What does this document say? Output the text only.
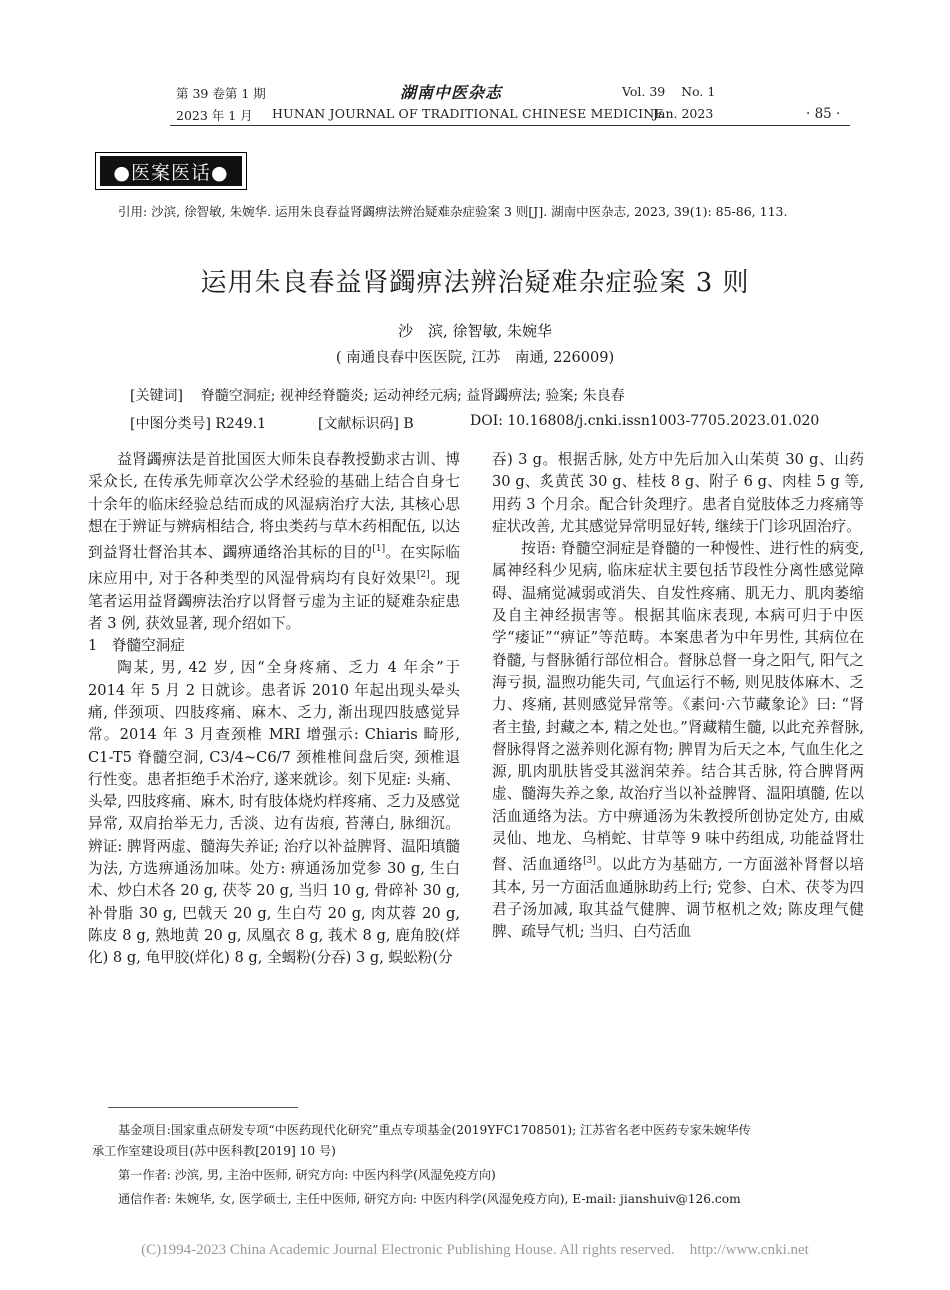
第 39 卷第 1 期
2023 年 1 月
湖南中医杂志
HUNAN JOURNAL OF TRADITIONAL CHINESE MEDICINE
Vol. 39    No. 1
Jan. 2023	· 85 ·
●医案医话●
引用: 沙滨, 徐智敏, 朱婉华. 运用朱良春益肾蠲痹法辨治疑难杂症验案 3 则[J]. 湖南中医杂志, 2023, 39(1): 85-86, 113.
运用朱良春益肾蠲痹法辨治疑难杂症验案 3 则
沙　滨, 徐智敏, 朱婉华
( 南通良春中医医院, 江苏　南通, 226009)
[关键词] 脊髓空洞症; 视神经脊髓炎; 运动神经元病; 益肾蠲痹法; 验案; 朱良春
[中图分类号] R249.1	[文献标识码] B	DOI: 10.16808/j.cnki.issn1003-7705.2023.01.020

益肾蠲痹法是首批国医大师朱良春教授勤求古训、博采众长, 在传承先师章次公学术经验的基础上结合自身七十余年的临床经验总结而成的风湿病治疗大法, 其核心思想在于辨证与辨病相结合, 将虫类药与草木药相配伍, 以达到益肾壮督治其本、蠲痹通络治其标的目的[1]。在实际临床应用中, 对于各种类型的风湿骨病均有良好效果[2]。现笔者运用益肾蠲痹法治疗以肾督亏虚为主证的疑难杂症患者 3 例, 获效显著, 现介绍如下。

1　脊髓空洞症

陶某, 男, 42 岁, 因“全身疼痛、乏力 4 年余”于 2014 年 5 月 2 日就诊。患者诉 2010 年起出现头晕头痛, 伴颈项、四肢疼痛、麻木、乏力, 渐出现四肢感觉异常。2014 年 3 月查颈椎 MRI 增强示: Chiaris 畸形, C1-T5 脊髓空洞, C3/4~C6/7 颈椎椎间盘后突, 颈椎退行性变。患者拒绝手术治疗, 遂来就诊。刻下见症: 头痛、头晕, 四肢疼痛、麻木, 时有肢体烧灼样疼痛、乏力及感觉异常, 双肩抬举无力, 舌淡、边有齿痕, 苔薄白, 脉细沉。辨证: 脾肾两虚、髓海失养证; 治疗以补益脾肾、温阳填髓为法, 方选痹通汤加味。处方: 痹通汤加党参 30 g, 生白术、炒白术各 20 g, 茯苓 20 g, 当归 10 g, 骨碎补 30 g, 补骨脂 30 g, 巴戟天 20 g, 生白芍 20 g, 肉苁蓉 20 g, 陈皮 8 g, 熟地黄 20 g, 凤凰衣 8 g, 莪术 8 g, 鹿角胶(烊化) 8 g, 龟甲胶(烊化) 8 g, 全蝎粉(分吞) 3 g, 蜈蚣粉(分

吞) 3 g。根据舌脉, 处方中先后加入山茱萸 30 g、山药 30 g、炙黄芪 30 g、桂枝 8 g、附子 6 g、肉桂 5 g 等, 用药 3 个月余。配合针灸理疗。患者自觉肢体乏力疼痛等症状改善, 尤其感觉异常明显好转, 继续于门诊巩固治疗。

按语: 脊髓空洞症是脊髓的一种慢性、进行性的病变, 属神经科少见病, 临床症状主要包括节段性分离性感觉障碍、温痛觉减弱或消失、自发性疼痛、肌无力、肌肉萎缩及自主神经损害等。根据其临床表现, 本病可归于中医学“痿证”“痹证”等范畴。本案患者为中年男性, 其病位在脊髓, 与督脉循行部位相合。督脉总督一身之阳气, 阳气之海亏损, 温煦功能失司, 气血运行不畅, 则见肢体麻木、乏力、疼痛, 甚则感觉异常等。《素问·六节藏象论》曰: “肾者主蛰, 封藏之本, 精之处也。”肾藏精生髓, 以此充养督脉, 督脉得肾之滋养则化源有物; 脾胃为后天之本, 气血生化之源, 肌肉肌肤皆受其滋润荣养。结合其舌脉, 符合脾肾两虚、髓海失养之象, 故治疗当以补益脾肾、温阳填髓, 佐以活血通络为法。方中痹通汤为朱教授所创协定处方, 由威灵仙、地龙、乌梢蛇、甘草等 9 味中药组成, 功能益肾壮督、活血通络[3]。以此方为基础方, 一方面滋补肾督以培其本, 另一方面活血通脉助药上行; 党参、白术、茯苓为四君子汤加减, 取其益气健脾、调节枢机之效; 陈皮理气健脾、疏导气机; 当归、白芍活血

基金项目:国家重点研发专项“中医药现代化研究”重点专项基金(2019YFC1708501); 江苏省名老中医药专家朱婉华传
承工作室建设项目(苏中医科教[2019] 10 号)
第一作者: 沙滨, 男, 主治中医师, 研究方向: 中医内科学(风湿免疫方向)
通信作者: 朱婉华, 女, 医学硕士, 主任中医师, 研究方向: 中医内科学(风湿免疫方向), E-mail: jianshuiv@126.com
(C)1994-2023 China Academic Journal Electronic Publishing House. All rights reserved.    http://www.cnki.net
